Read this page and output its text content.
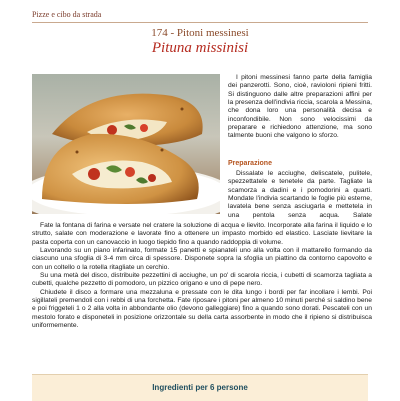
Pizze e cibo da strada
174 - Pitoni messinesi
Pituna missinisi

I pitoni messinesi fanno parte della famiglia dei panzerotti. Sono, cioè, ravioloni ripieni fritti. Si distinguono dalle altre preparazioni affini per la presenza dell'indivia riccia, scarola a Messina, che dona loro una personalità decisa e inconfondibile. Non sono velocissimi da preparare e richiedono attenzione, ma sono talmente buoni che valgono lo sforzo.

Preparazione

Dissalate le acciughe, deliscatele, pulitele, spezzettatele e tenetele da parte. Tagliate la scamorza a dadini e i pomodorini a quarti. Mondate l'indivia scartando le foglie più esterne, lavatela bene senza asciugarla e mettetela in una pentola senza acqua. Salate

Fate la fontana di farina e versate nel cratere la soluzione di acqua e lievito. Incorporate alla farina il liquido e lo strutto, salate con moderazione e lavorate fino a ottenere un impasto morbido ed elastico. Lasciate lievitare la pasta coperta con un canovaccio in luogo tiepido fino a quando raddoppia di volume.

Lavorando su un piano infarinato, formate 15 panetti e spianateli uno alla volta con il mattarello formando da ciascuno una sfoglia di 3-4 mm circa di spessore. Disponete sopra la sfoglia un piattino da contorno capovolto e con un coltello o la rotella ritagliate un cerchio.

Su una metà del disco, distribuite pezzettini di acciughe, un po' di scarola riccia, i cubetti di scamorza tagliata a cubetti, qualche pezzetto di pomodoro, un pizzico origano e uno di pepe nero.

Chiudete il disco a formare una mezzaluna e pressate con le dita lungo i bordi per far incollare i lembi. Poi sigillateli premendoli con i rebbi di una forchetta. Fate riposare i pitoni per almeno 10 minuti perché si saldino bene e poi friggeteli 1 o 2 alla volta in abbondante olio (devono galleggiare) fino a quando sono dorati. Pescateli con un mestolo forato e disponeteli in posizione orizzontale su della carta assorbente in modo che il ripieno si distribuisca uniformemente.

Ingredienti per 6 persone
